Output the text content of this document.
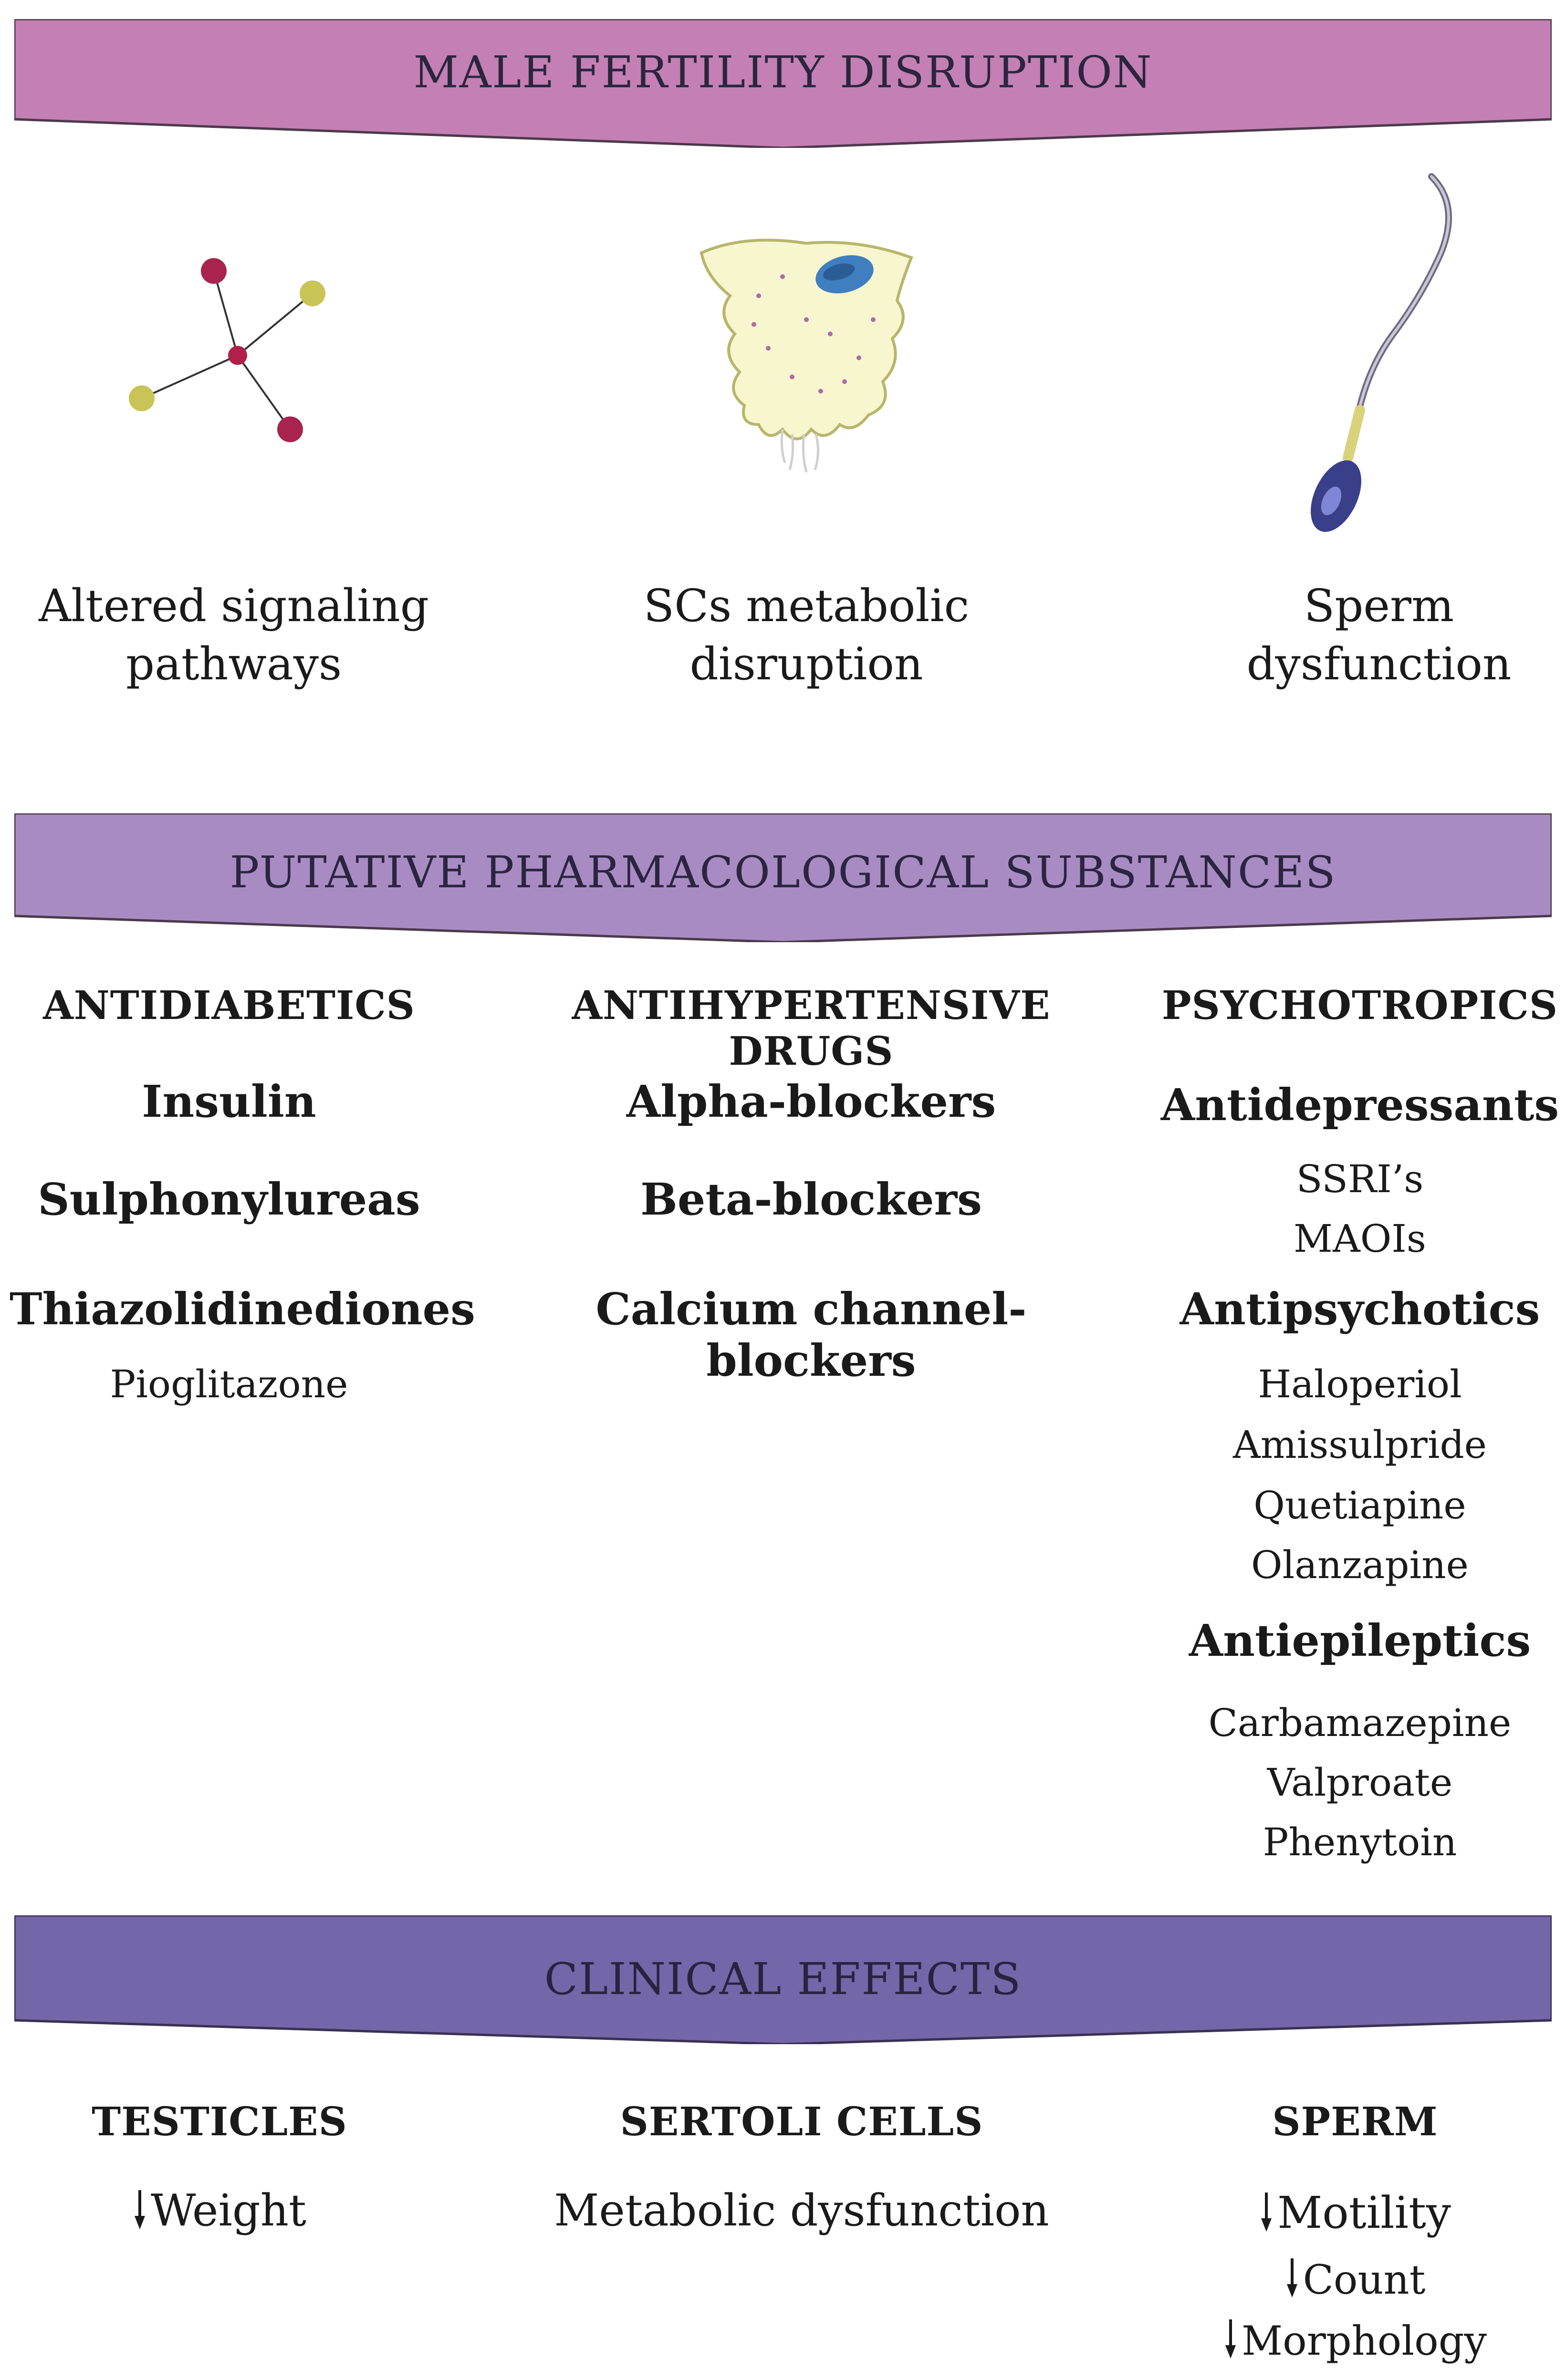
MALE FERTILITY DISRUPTION
Altered signaling
pathways
SCs metabolic
disruption
Sperm
dysfunction
PUTATIVE PHARMACOLOGICAL SUBSTANCES
ANTIDIABETICS
Insulin
Sulphonylureas
Thiazolidinediones
Pioglitazone
ANTIHYPERTENSIVE DRUGS
Alpha-blockers
Beta-blockers
Calcium channel-blockers
PSYCHOTROPICS
Antidepressants
SSRI’s
MAOIs
Antipsychotics
Haloperiol
Amissulpride
Quetiapine
Olanzapine
Antiepileptics
Carbamazepine
Valproate
Phenytoin
CLINICAL EFFECTS
TESTICLES
Weight
SERTOLI CELLS
Metabolic dysfunction
SPERM
Motility
Count
Morphology
